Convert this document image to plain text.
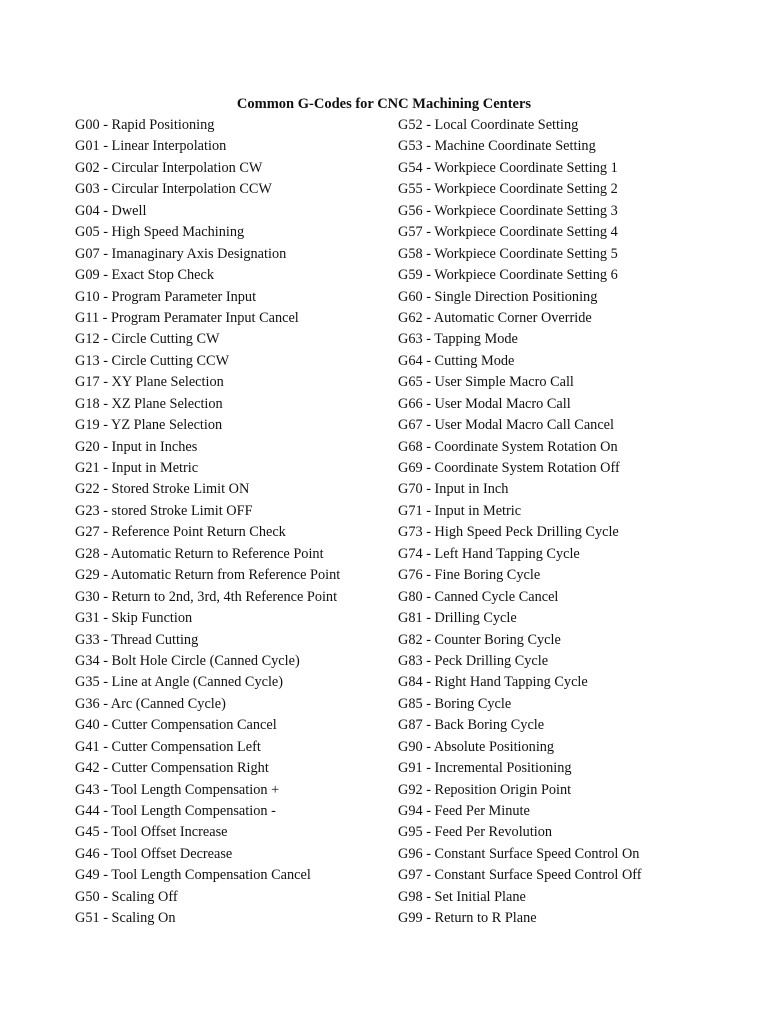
Common G-Codes for CNC Machining Centers
G00 - Rapid Positioning
G01 - Linear Interpolation
G02 - Circular Interpolation CW
G03 - Circular Interpolation CCW
G04 - Dwell
G05 - High Speed Machining
G07 - Imanaginary Axis Designation
G09 - Exact Stop Check
G10 - Program Parameter Input
G11 - Program Peramater Input Cancel
G12 - Circle Cutting CW
G13 - Circle Cutting CCW
G17 - XY Plane Selection
G18 - XZ Plane Selection
G19 - YZ Plane Selection
G20 - Input in Inches
G21 - Input in Metric
G22 - Stored Stroke Limit ON
G23 - stored Stroke Limit OFF
G27 - Reference Point Return Check
G28 - Automatic Return to Reference Point
G29 - Automatic Return from Reference Point
G30 - Return to 2nd, 3rd, 4th Reference Point
G31 - Skip Function
G33 - Thread Cutting
G34 - Bolt Hole Circle (Canned Cycle)
G35 - Line at Angle (Canned Cycle)
G36 - Arc (Canned Cycle)
G40 - Cutter Compensation Cancel
G41 - Cutter Compensation Left
G42 - Cutter Compensation Right
G43 - Tool Length Compensation +
G44 - Tool Length Compensation -
G45 - Tool Offset Increase
G46 - Tool Offset Decrease
G49 - Tool Length Compensation Cancel
G50 - Scaling Off
G51 - Scaling On
G52 - Local Coordinate Setting
G53 - Machine Coordinate Setting
G54 - Workpiece Coordinate Setting 1
G55 - Workpiece Coordinate Setting 2
G56 - Workpiece Coordinate Setting 3
G57 - Workpiece Coordinate Setting 4
G58 - Workpiece Coordinate Setting 5
G59 - Workpiece Coordinate Setting 6
G60 - Single Direction Positioning
G62 - Automatic Corner Override
G63 - Tapping Mode
G64 - Cutting Mode
G65 - User Simple Macro Call
G66 - User Modal Macro Call
G67 - User Modal Macro Call Cancel
G68 - Coordinate System Rotation On
G69 - Coordinate System Rotation Off
G70 - Input in Inch
G71 - Input in Metric
G73 - High Speed Peck Drilling Cycle
G74 - Left Hand Tapping Cycle
G76 - Fine Boring Cycle
G80 - Canned Cycle Cancel
G81 - Drilling Cycle
G82 - Counter Boring Cycle
G83 - Peck Drilling Cycle
G84 - Right Hand Tapping Cycle
G85 - Boring Cycle
G87 - Back Boring Cycle
G90 - Absolute Positioning
G91 - Incremental Positioning
G92 - Reposition Origin Point
G94 - Feed Per Minute
G95 - Feed Per Revolution
G96 - Constant Surface Speed Control On
G97 - Constant Surface Speed Control Off
G98 - Set Initial Plane
G99 - Return to R Plane
